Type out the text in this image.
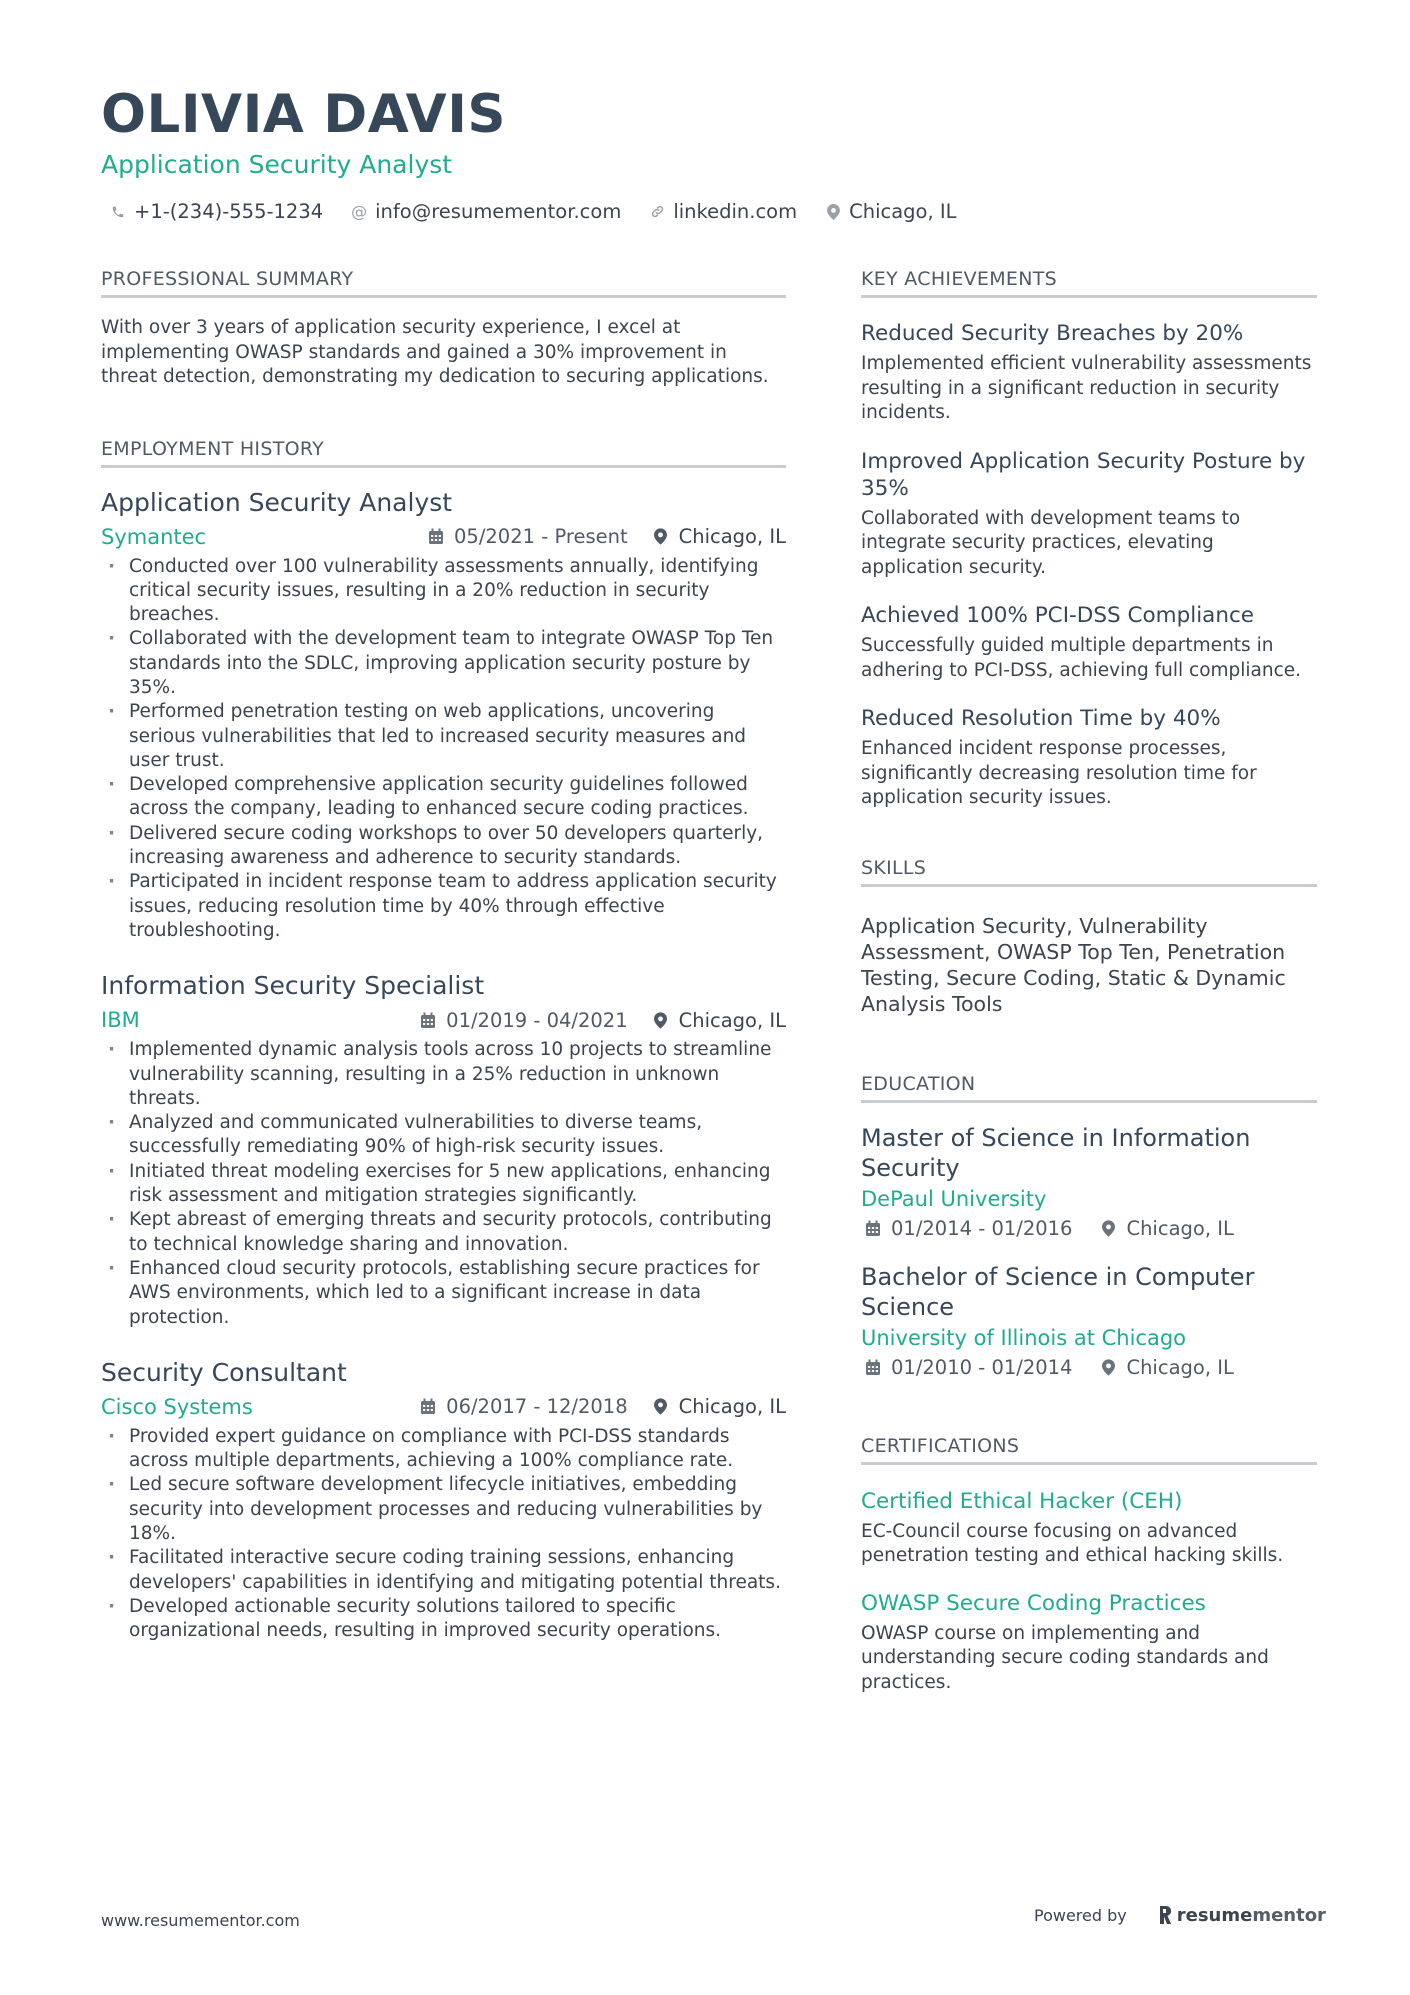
OLIVIA DAVIS
Application Security Analyst
+1-(234)-555-1234 @ info@resumementor.com	linkedin.com	Chicago, IL
PROFESSIONAL SUMMARY
With over 3 years of application security experience, I excel at implementing OWASP standards and gained a 30% improvement in threat detection, demonstrating my dedication to securing applications.
EMPLOYMENT HISTORY
Application Security Analyst
Symantec	05/2021 - Present	Chicago, IL
· Conducted over 100 vulnerability assessments annually, identifying critical security issues, resulting in a 20% reduction in security breaches.
· Collaborated with the development team to integrate OWASP Top Ten standards into the SDLC, improving application security posture by 35%.
· Performed penetration testing on web applications, uncovering serious vulnerabilities that led to increased security measures and user trust.
· Developed comprehensive application security guidelines followed across the company, leading to enhanced secure coding practices.
· Delivered secure coding workshops to over 50 developers quarterly, increasing awareness and adherence to security standards.
· Participated in incident response team to address application security issues, reducing resolution time by 40% through effective troubleshooting.
Information Security Specialist
IBM	01/2019 - 04/2021	Chicago, IL
· Implemented dynamic analysis tools across 10 projects to streamline vulnerability scanning, resulting in a 25% reduction in unknown threats.
· Analyzed and communicated vulnerabilities to diverse teams, successfully remediating 90% of high-risk security issues.
· Initiated threat modeling exercises for 5 new applications, enhancing risk assessment and mitigation strategies significantly.
· Kept abreast of emerging threats and security protocols, contributing to technical knowledge sharing and innovation.
· Enhanced cloud security protocols, establishing secure practices for AWS environments, which led to a significant increase in data protection.
Security Consultant
Cisco Systems	06/2017 - 12/2018	Chicago, IL
· Provided expert guidance on compliance with PCI-DSS standards across multiple departments, achieving a 100% compliance rate.
· Led secure software development lifecycle initiatives, embedding security into development processes and reducing vulnerabilities by 18%.
· Facilitated interactive secure coding training sessions, enhancing developers' capabilities in identifying and mitigating potential threats.
· Developed actionable security solutions tailored to specific organizational needs, resulting in improved security operations.
KEY ACHIEVEMENTS
Reduced Security Breaches by 20%
Implemented efficient vulnerability assessments resulting in a significant reduction in security incidents.
Improved Application Security Posture by 35%
Collaborated with development teams to integrate security practices, elevating application security.
Achieved 100% PCI-DSS Compliance
Successfully guided multiple departments in adhering to PCI-DSS, achieving full compliance.
Reduced Resolution Time by 40%
Enhanced incident response processes, significantly decreasing resolution time for application security issues.
SKILLS
Application Security, Vulnerability Assessment, OWASP Top Ten, Penetration Testing, Secure Coding, Static & Dynamic Analysis Tools
EDUCATION
Master of Science in Information Security
DePaul University
01/2014 - 01/2016	Chicago, IL
Bachelor of Science in Computer Science
University of Illinois at Chicago
01/2010 - 01/2014	Chicago, IL
CERTIFICATIONS
Certified Ethical Hacker (CEH)
EC-Council course focusing on advanced penetration testing and ethical hacking skills.
OWASP Secure Coding Practices
OWASP course on implementing and understanding secure coding standards and practices.
www.resumementor.com	Powered by	resume mentor
